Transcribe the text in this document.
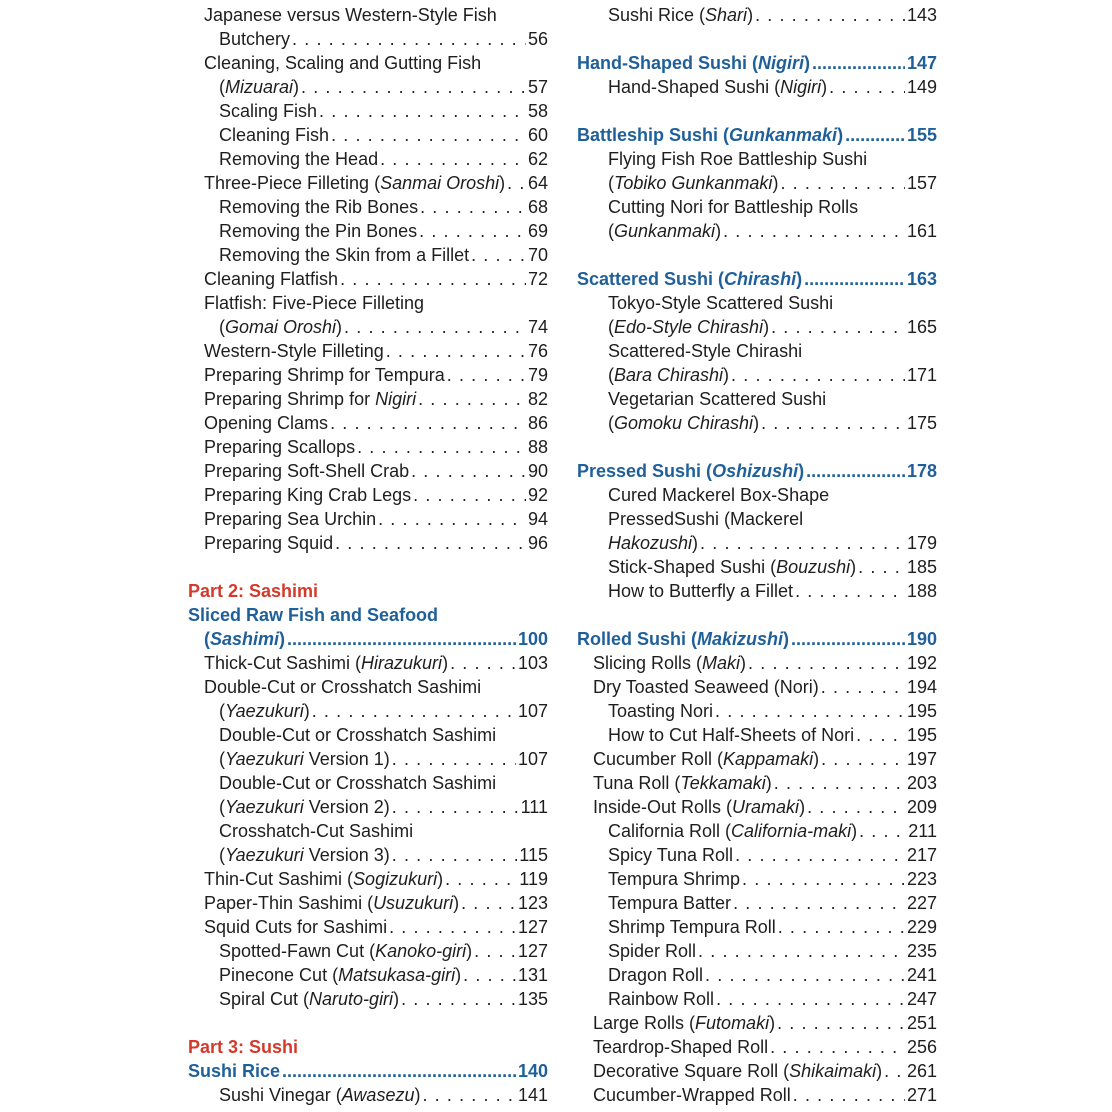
Japanese versus Western-Style Fish
Butchery . . .	56
Cleaning, Scaling and Gutting Fish
(Mizuarai) . . .	57
Scaling Fish . . .	58
Cleaning Fish . . .	60
Removing the Head . . .	62
Three-Piece Filleting (Sanmai Oroshi) . . . 64
Removing the Rib Bones . . .	68
Removing the Pin Bones . . .	69
Removing the Skin from a Fillet . . .	70
Cleaning Flatfish . . .	72
Flatfish: Five-Piece Filleting
(Gomai Oroshi) . . .	74
Western-Style Filleting . . .	76
Preparing Shrimp for Tempura . . .	79
Preparing Shrimp for Nigiri . . .	82
Opening Clams . . .	86
Preparing Scallops . . .	88
Preparing Soft-Shell Crab . . .	90
Preparing King Crab Legs . . .	92
Preparing Sea Urchin . . .	94
Preparing Squid . . .	96
Part 2: Sashimi
Sliced Raw Fish and Seafood
(Sashimi) .....	100
Thick-Cut Sashimi (Hirazukuri) . . .	103
Double-Cut or Crosshatch Sashimi
(Yaezukuri) . . .	107
Double-Cut or Crosshatch Sashimi
(Yaezukuri Version 1) . . .	107
Double-Cut or Crosshatch Sashimi
(Yaezukuri Version 2) . . .	111
Crosshatch-Cut Sashimi
(Yaezukuri Version 3) . . .	115
Thin-Cut Sashimi (Sogizukuri) . . .	119
Paper-Thin Sashimi (Usuzukuri) . . .	123
Squid Cuts for Sashimi . . .	127
Spotted-Fawn Cut (Kanoko-giri) . . .	127
Pinecone Cut (Matsukasa-giri) . . .	131
Spiral Cut (Naruto-giri) . . .	135
Part 3: Sushi
Sushi Rice .....	140
Sushi Vinegar (Awasezu) . . .	141
Sushi Rice (Shari) . . .	143
Hand-Shaped Sushi (Nigiri) .....	147
Hand-Shaped Sushi (Nigiri) . . .	149
Battleship Sushi (Gunkanmaki) .....	155
Flying Fish Roe Battleship Sushi
(Tobiko Gunkanmaki) . . .	157
Cutting Nori for Battleship Rolls
(Gunkanmaki) . . .	161
Scattered Sushi (Chirashi) .....	163
Tokyo-Style Scattered Sushi
(Edo-Style Chirashi) . . .	165
Scattered-Style Chirashi
(Bara Chirashi) . . .	171
Vegetarian Scattered Sushi
(Gomoku Chirashi) . . .	175
Pressed Sushi (Oshizushi) .....	178
Cured Mackerel Box-Shape
PressedSushi (Mackerel
Hakozushi) . . .	179
Stick-Shaped Sushi (Bouzushi) . . .	185
How to Butterfly a Fillet . . .	188
Rolled Sushi (Makizushi) .....	190
Slicing Rolls (Maki) . . .	192
Dry Toasted Seaweed (Nori) . . .	194
Toasting Nori . . .	195
How to Cut Half-Sheets of Nori . . .	195
Cucumber Roll (Kappamaki) . . .	197
Tuna Roll (Tekkamaki) . . .	203
Inside-Out Rolls (Uramaki) . . .	209
California Roll (California-maki) . . .	211
Spicy Tuna Roll . . .	217
Tempura Shrimp . . .	223
Tempura Batter . . .	227
Shrimp Tempura Roll . . .	229
Spider Roll . . .	235
Dragon Roll . . .	241
Rainbow Roll . . .	247
Large Rolls (Futomaki) . . .	251
Teardrop-Shaped Roll . . .	256
Decorative Square Roll (Shikaimaki) . . . 261
Cucumber-Wrapped Roll . . .	271
